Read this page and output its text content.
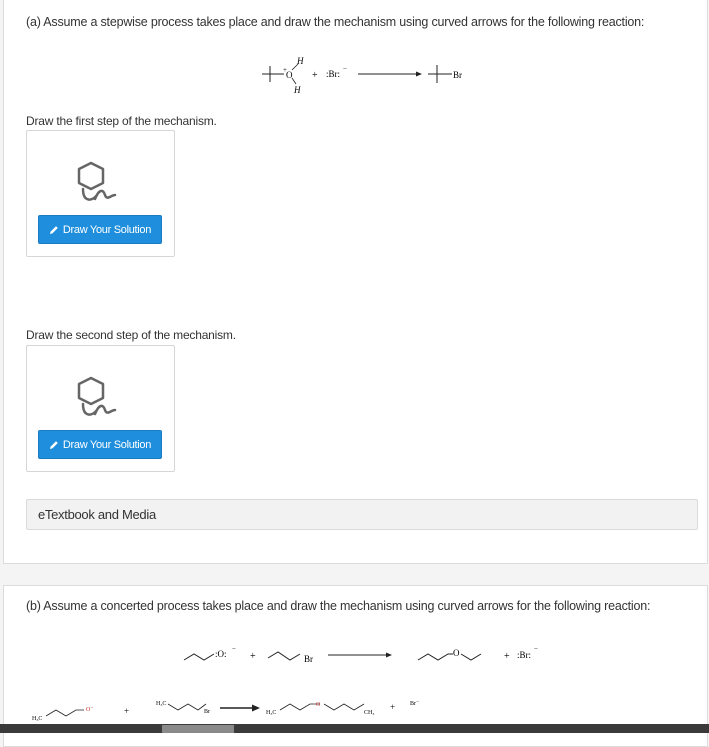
(a) Assume a stepwise process takes place and draw the mechanism using curved arrows for the following reaction:
+ O
H
H
+ :Br: −
Br
Draw the first step of the mechanism.
Draw Your Solution
Draw the second step of the mechanism.
Draw Your Solution
eTextbook and Media
(b) Assume a concerted process takes place and draw the mechanism using curved arrows for the following reaction:
:O: −
+	Br
O	+ :Br:
−
H₃C
O⁻	+
H₃C
Br	H₃C
O
CH₃
+ Br⁻
